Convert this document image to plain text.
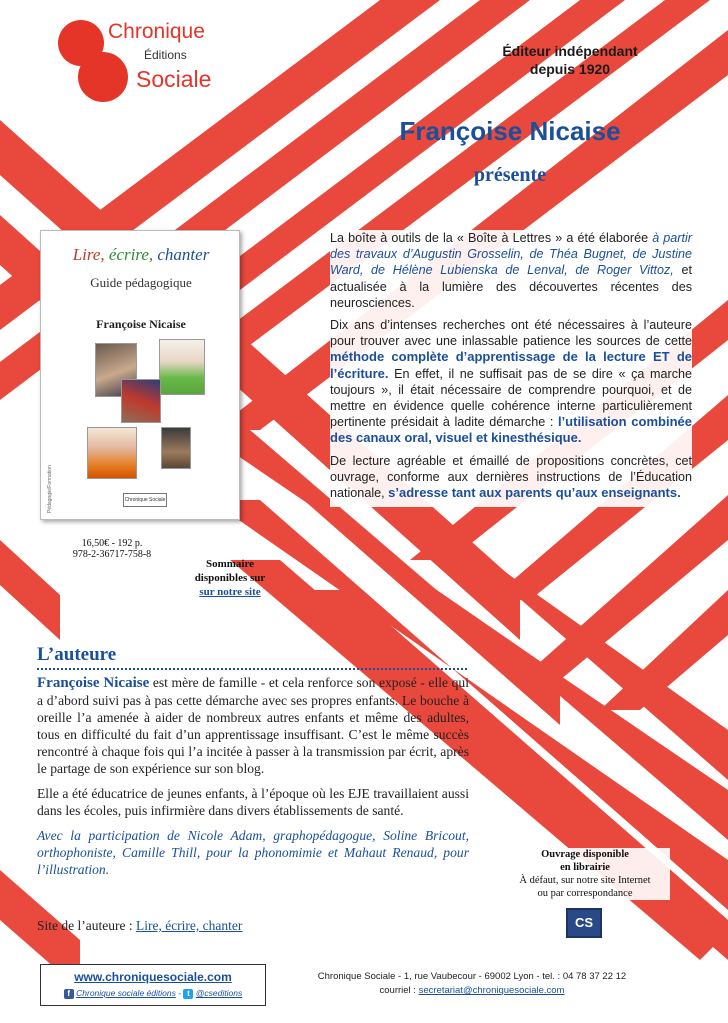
Chronique
Éditions
Sociale
Éditeur indépendant
depuis 1920
Françoise Nicaise
présente

La boîte à outils de la « Boîte à Lettres » a été élaborée à partir des travaux d’Augustin Grosselin, de Théa Bugnet, de Justine Ward, de Hélène Lubienska de Lenval, de Roger Vittoz, et actualisée à la lumière des découvertes récentes des neurosciences.

Dix ans d’intenses recherches ont été nécessaires à l’auteure pour trouver avec une inlassable patience les sources de cette méthode complète d’apprentissage de la lecture ET de l’écriture. En effet, il ne suffisait pas de se dire « ça marche toujours », il était nécessaire de comprendre pourquoi, et de mettre en évidence quelle cohérence interne particulièrement pertinente présidait à ladite démarche : l’utilisation combinée des canaux oral, visuel et kinesthésique.

De lecture agréable et émaillé de propositions concrètes, cet ouvrage, conforme aux dernières instructions de l’Éducation nationale, s’adresse tant aux parents qu’aux enseignants.

Lire, écrire, chanter
Guide pédagogique
Françoise Nicaise
Pédagogie/Formation	Chronique Sociale
16,50€ - 192 p.
978-2-36717-758-8
Sommaire
disponibles sur
sur notre site
L’auteure

Françoise Nicaise est mère de famille - et cela renforce son exposé - elle qui a d’abord suivi pas à pas cette démarche avec ses propres enfants. Le bouche à oreille l’a amenée à aider de nombreux autres enfants et même des adultes, tous en difficulté du fait d’un apprentissage insuffisant. C’est le même succès rencontré à chaque fois qui l’a incitée à passer à la transmission par écrit, après le partage de son expérience sur son blog.

Elle a été éducatrice de jeunes enfants, à l’époque où les EJE travaillaient aussi dans les écoles, puis infirmière dans divers établissements de santé.

Avec la participation de Nicole Adam, graphopédagogue, Soline Bricout, orthophoniste, Camille Thill, pour la phonomimie et Mahaut Renaud, pour l’illustration.

Site de l’auteure : Lire, écrire, chanter
Ouvrage disponible
en librairie
À défaut, sur notre site Internet
ou par correspondance
CS
www.chroniquesociale.com
f Chronique sociale éditions - t @cseditions
Chronique Sociale - 1, rue Vaubecour - 69002 Lyon - tel. : 04 78 37 22 12
courriel : secretariat@chroniquesociale.com
